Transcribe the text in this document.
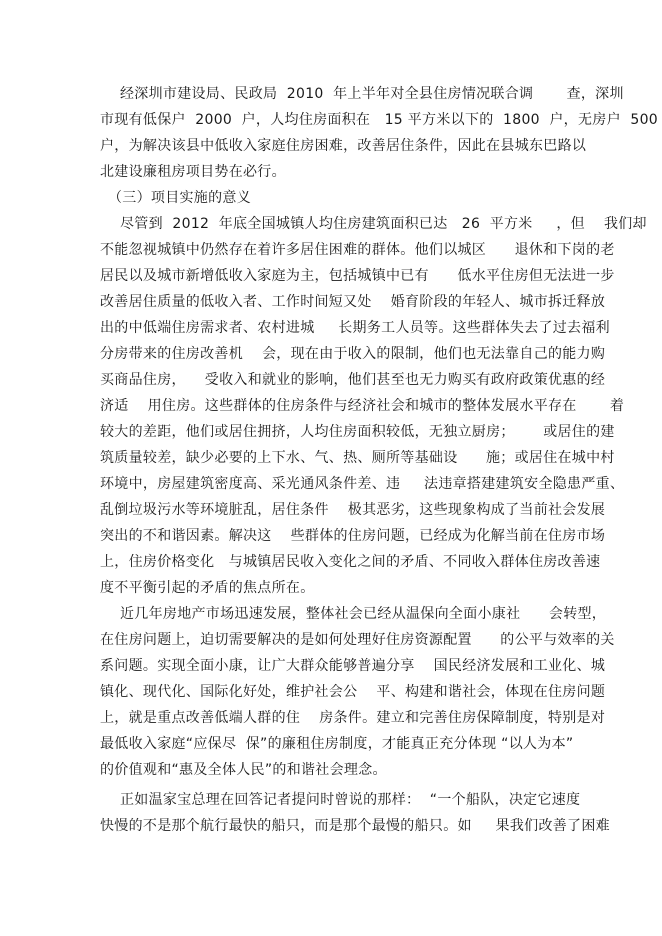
经深圳市建设局、民政局  2010  年上半年对全县住房情况联合调       查，深圳
市现有低保户  2000  户，人均住房面积在   15 平方米以下的  1800  户，无房户  500
户，为解决该县中低收入家庭住房困难，改善居住条件，因此在县城东巴路以
北建设廉租房项目势在必行。
（三）项目实施的意义
尽管到  2012  年底全国城镇人均住房建筑面积已达   26  平方米     ，但    我们却
不能忽视城镇中仍然存在着许多居住困难的群体。他们以城区      退休和下岗的老
居民以及城市新增低收入家庭为主，包括城镇中已有      低水平住房但无法进一步
改善居住质量的低收入者、工作时间短又处    婚育阶段的年轻人、城市拆迁释放
出的中低端住房需求者、农村进城     长期务工人员等。这些群体失去了过去福利
分房带来的住房改善机    会，现在由于收入的限制，他们也无法靠自己的能力购
买商品住房，    受收入和就业的影响，他们甚至也无力购买有政府政策优惠的经
济适    用住房。这些群体的住房条件与经济社会和城市的整体发展水平存在       着
较大的差距，他们或居住拥挤，人均住房面积较低，无独立厨房；      或居住的建
筑质量较差，缺少必要的上下水、气、热、厕所等基础设      施；或居住在城中村
环境中，房屋建筑密度高、采光通风条件差、违     法违章搭建建筑安全隐患严重、
乱倒垃圾污水等环境脏乱，居住条件    极其恶劣，这些现象构成了当前社会发展
突出的不和谐因素。解决这    些群体的住房问题，已经成为化解当前在住房市场
上，住房价格变化   与城镇居民收入变化之间的矛盾、不同收入群体住房改善速
度不平衡引起的矛盾的焦点所在。
近几年房地产市场迅速发展，整体社会已经从温保向全面小康社      会转型，
在住房问题上，迫切需要解决的是如何处理好住房资源配置      的公平与效率的关
系问题。实现全面小康，让广大群众能够普遍分享    国民经济发展和工业化、城
镇化、现代化、国际化好处，维护社会公    平、构建和谐社会，体现在住房问题
上，就是重点改善低端人群的住    房条件。建立和完善住房保障制度，特别是对
最低收入家庭“应保尽  保”的廉租住房制度，才能真正充分体现 “以人为本”
的价值观和“惠及全体人民”的和谐社会理念。
正如温家宝总理在回答记者提问时曾说的那样：  “一个船队，决定它速度
快慢的不是那个航行最快的船只，而是那个最慢的船只。如     果我们改善了困难
